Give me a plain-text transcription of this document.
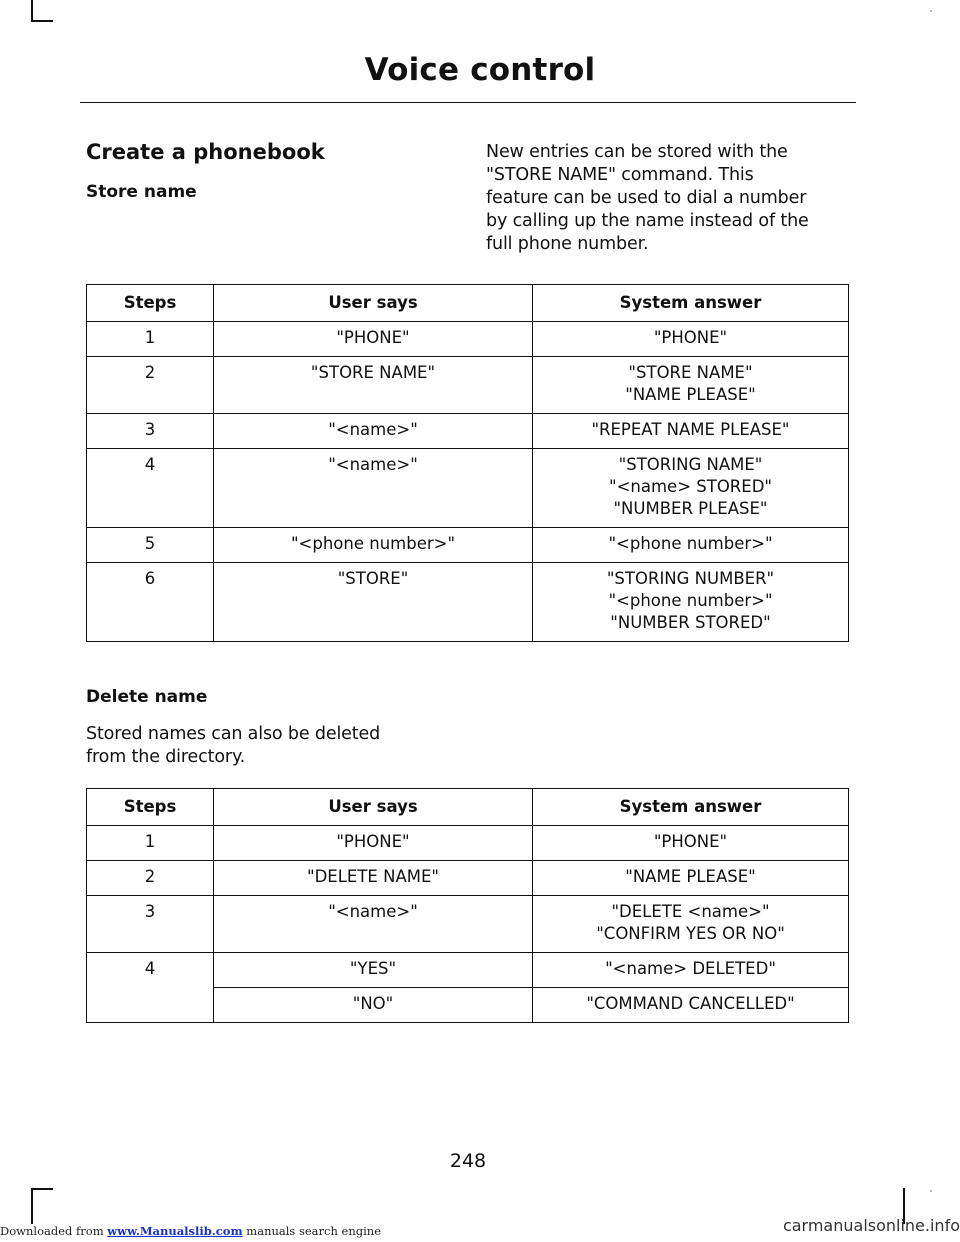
Voice control
Create a phonebook
Store name
New entries can be stored with the
"STORE NAME" command. This
feature can be used to dial a number
by calling up the name instead of the
full phone number.
Steps	User says	System answer

1	"PHONE"	"PHONE"

2	"STORE NAME"	"STORE NAME"
"NAME PLEASE"

3	"<name>"	"REPEAT NAME PLEASE"

4	"<name>"	"STORING NAME"
"<name> STORED"
"NUMBER PLEASE"

5	"<phone number>"	"<phone number>"

6	"STORE"	"STORING NUMBER"
"<phone number>"
"NUMBER STORED"
Delete name
Stored names can also be deleted
from the directory.
Steps	User says	System answer

1	"PHONE"	"PHONE"

2	"DELETE NAME"	"NAME PLEASE"

3	"<name>"	"DELETE <name>"
"CONFIRM YES OR NO"

4	"YES"	"<name> DELETED"

	"NO"	"COMMAND CANCELLED"
248
Downloaded from www.Manualslib.com manuals search engine	carmanualsonline.info
